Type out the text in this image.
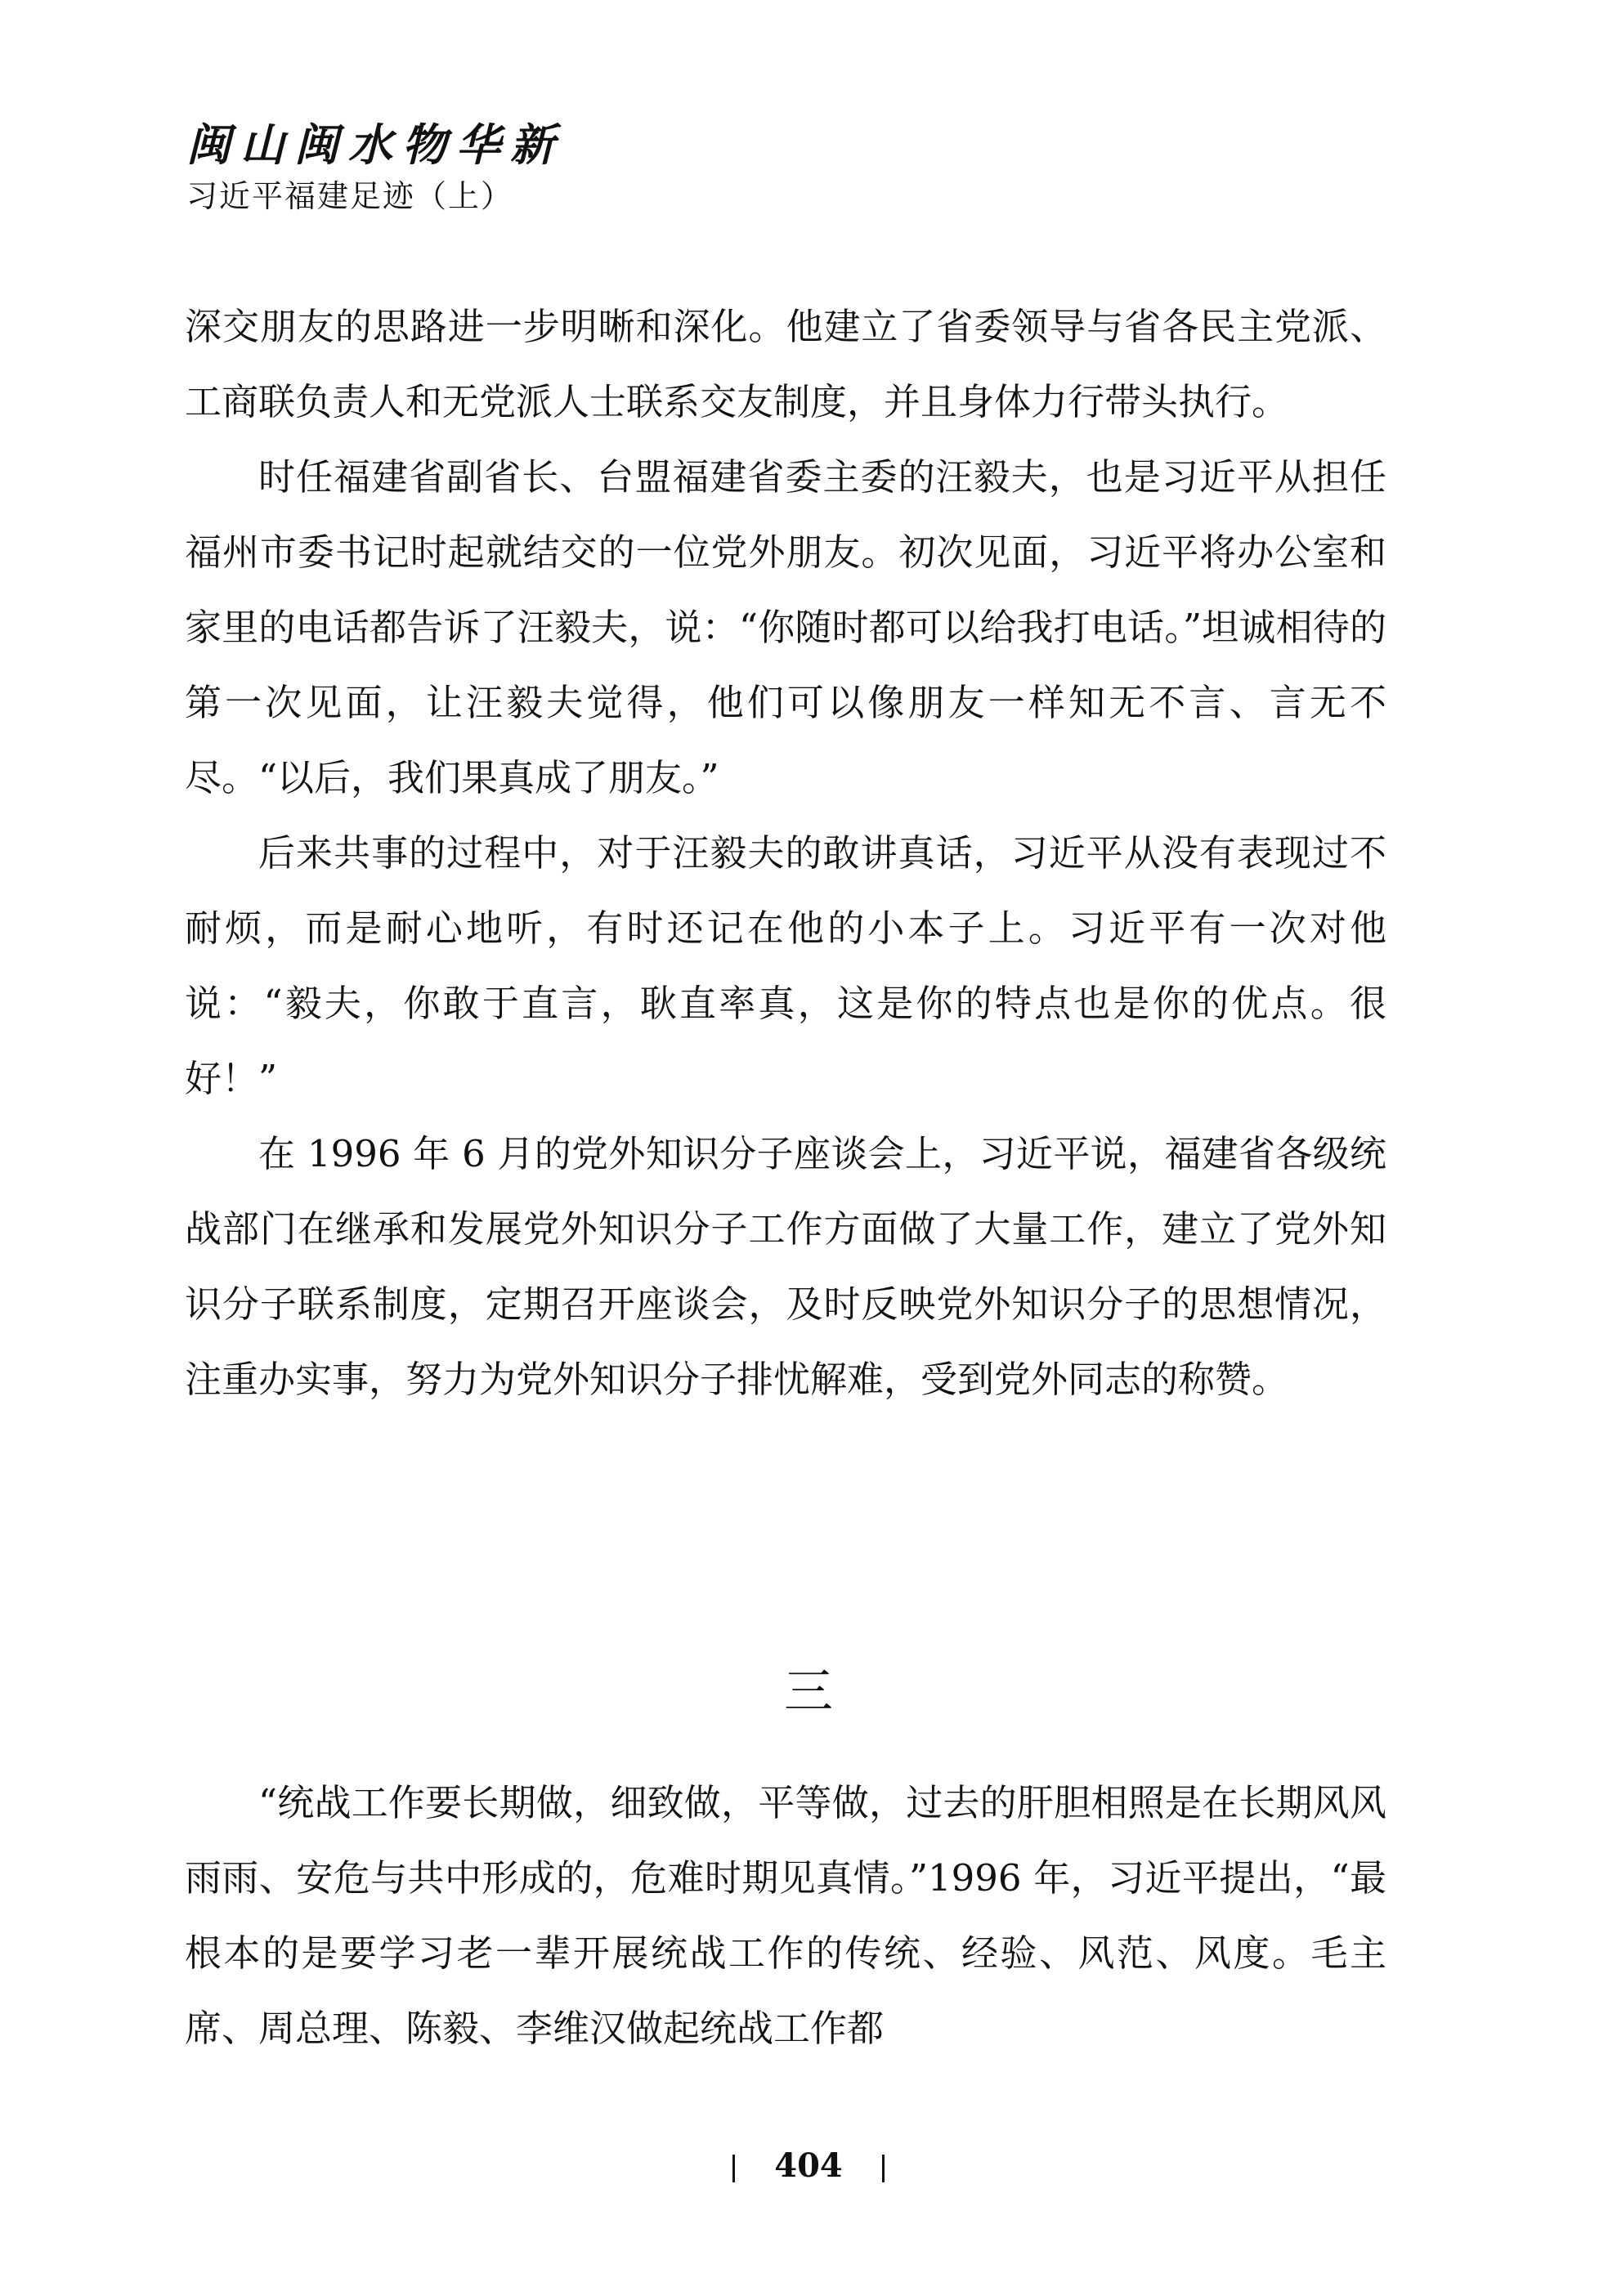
闽山闽水物华新
习近平福建足迹（上）

深交朋友的思路进一步明晰和深化。他建立了省委领导与省各民主党派、工商联负责人和无党派人士联系交友制度，并且身体力行带头执行。

时任福建省副省长、台盟福建省委主委的汪毅夫，也是习近平从担任福州市委书记时起就结交的一位党外朋友。初次见面，习近平将办公室和家里的电话都告诉了汪毅夫，说：“你随时都可以给我打电话。”坦诚相待的第一次见面，让汪毅夫觉得，他们可以像朋友一样知无不言、言无不尽。“以后，我们果真成了朋友。”

后来共事的过程中，对于汪毅夫的敢讲真话，习近平从没有表现过不耐烦，而是耐心地听，有时还记在他的小本子上。习近平有一次对他说：“毅夫，你敢于直言，耿直率真，这是你的特点也是你的优点。很好！”

在 1996 年 6 月的党外知识分子座谈会上，习近平说，福建省各级统战部门在继承和发展党外知识分子工作方面做了大量工作，建立了党外知识分子联系制度，定期召开座谈会，及时反映党外知识分子的思想情况，注重办实事，努力为党外知识分子排忧解难，受到党外同志的称赞。

三

“统战工作要长期做，细致做，平等做，过去的肝胆相照是在长期风风雨雨、安危与共中形成的，危难时期见真情。”1996 年，习近平提出，“最根本的是要学习老一辈开展统战工作的传统、经验、风范、风度。毛主席、周总理、陈毅、李维汉做起统战工作都

404
